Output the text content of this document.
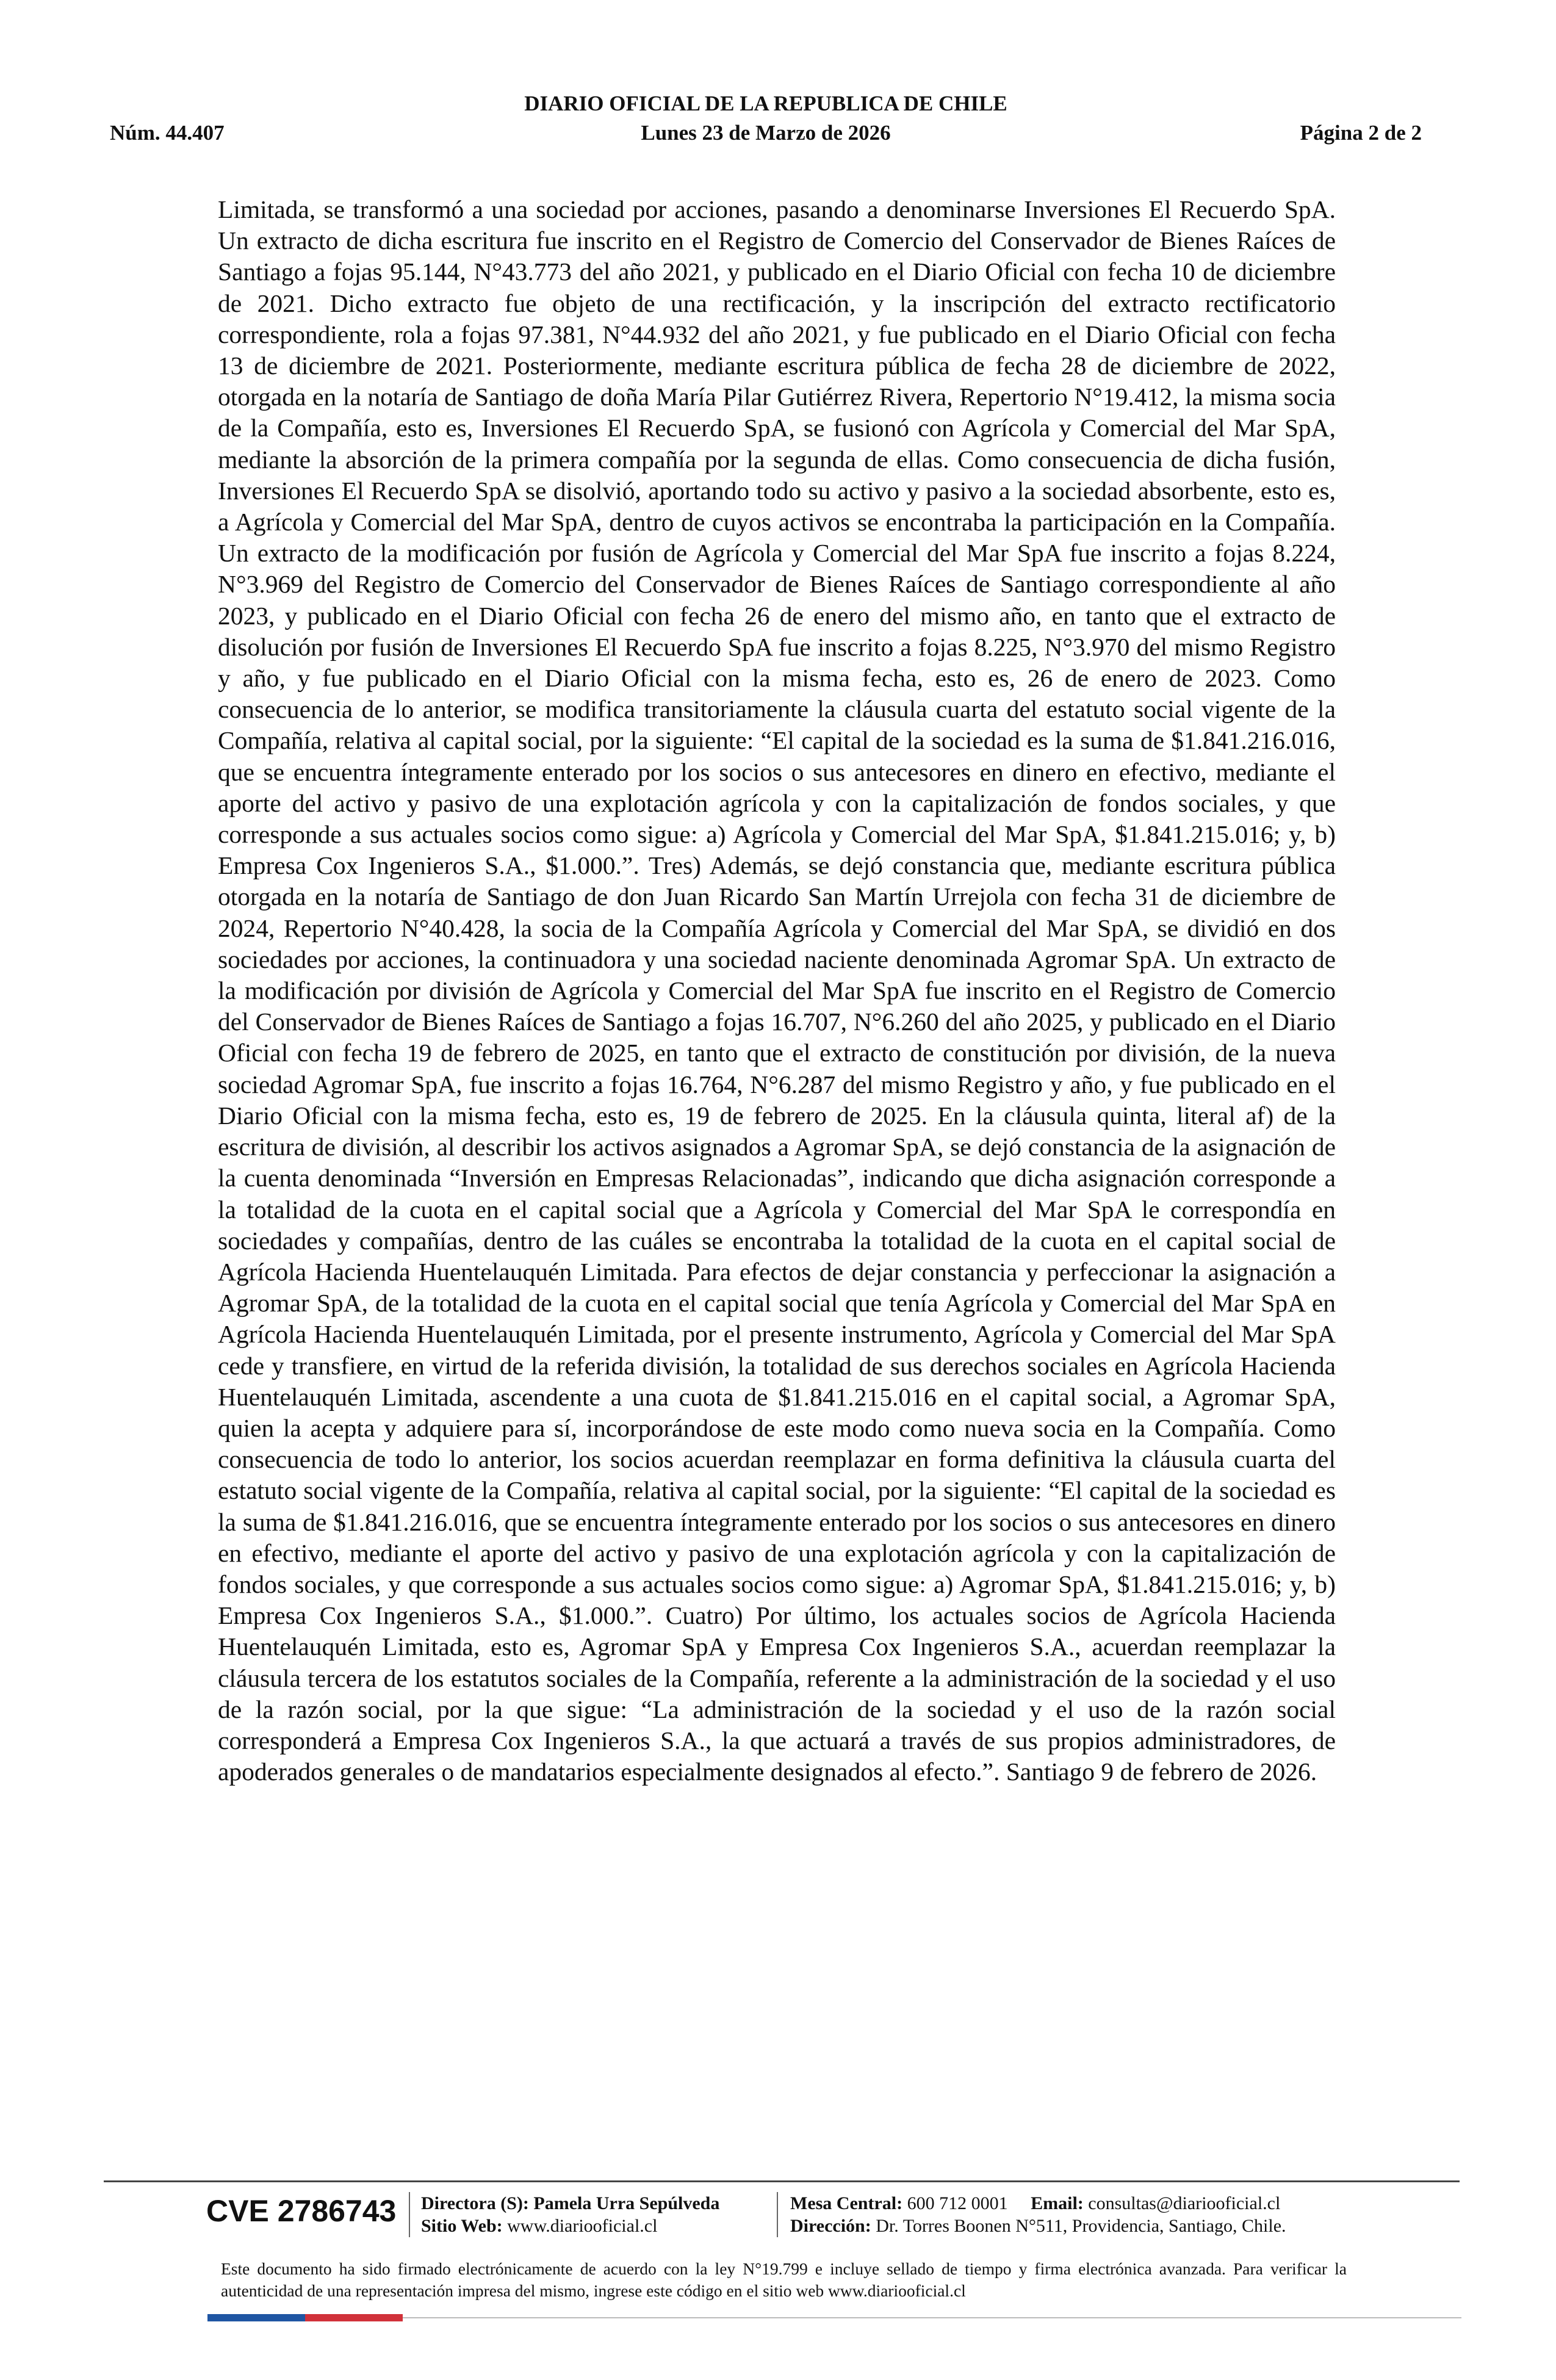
DIARIO OFICIAL DE LA REPUBLICA DE CHILE
Núm. 44.407	Lunes 23 de Marzo de 2026	Página 2 de 2

Limitada, se transformó a una sociedad por acciones, pasando a denominarse Inversiones El Recuerdo SpA. Un extracto de dicha escritura fue inscrito en el Registro de Comercio del Conservador de Bienes Raíces de Santiago a fojas 95.144, N°43.773 del año 2021, y publicado en el Diario Oficial con fecha 10 de diciembre de 2021. Dicho extracto fue objeto de una rectificación, y la inscripción del extracto rectificatorio correspondiente, rola a fojas 97.381, N°44.932 del año 2021, y fue publicado en el Diario Oficial con fecha 13 de diciembre de 2021. Posteriormente, mediante escritura pública de fecha 28 de diciembre de 2022, otorgada en la notaría de Santiago de doña María Pilar Gutiérrez Rivera, Repertorio N°19.412, la misma socia de la Compañía, esto es, Inversiones El Recuerdo SpA, se fusionó con Agrícola y Comercial del Mar SpA, mediante la absorción de la primera compañía por la segunda de ellas. Como consecuencia de dicha fusión, Inversiones El Recuerdo SpA se disolvió, aportando todo su activo y pasivo a la sociedad absorbente, esto es, a Agrícola y Comercial del Mar SpA, dentro de cuyos activos se encontraba la participación en la Compañía. Un extracto de la modificación por fusión de Agrícola y Comercial del Mar SpA fue inscrito a fojas 8.224, N°3.969 del Registro de Comercio del Conservador de Bienes Raíces de Santiago correspondiente al año 2023, y publicado en el Diario Oficial con fecha 26 de enero del mismo año, en tanto que el extracto de disolución por fusión de Inversiones El Recuerdo SpA fue inscrito a fojas 8.225, N°3.970 del mismo Registro y año, y fue publicado en el Diario Oficial con la misma fecha, esto es, 26 de enero de 2023. Como consecuencia de lo anterior, se modifica transitoriamente la cláusula cuarta del estatuto social vigente de la Compañía, relativa al capital social, por la siguiente: “El capital de la sociedad es la suma de $1.841.216.016, que se encuentra íntegramente enterado por los socios o sus antecesores en dinero en efectivo, mediante el aporte del activo y pasivo de una explotación agrícola y con la capitalización de fondos sociales, y que corresponde a sus actuales socios como sigue: a) Agrícola y Comercial del Mar SpA, $1.841.215.016; y, b) Empresa Cox Ingenieros S.A., $1.000.”. Tres) Además, se dejó constancia que, mediante escritura pública otorgada en la notaría de Santiago de don Juan Ricardo San Martín Urrejola con fecha 31 de diciembre de 2024, Repertorio N°40.428, la socia de la Compañía Agrícola y Comercial del Mar SpA, se dividió en dos sociedades por acciones, la continuadora y una sociedad naciente denominada Agromar SpA. Un extracto de la modificación por división de Agrícola y Comercial del Mar SpA fue inscrito en el Registro de Comercio del Conservador de Bienes Raíces de Santiago a fojas 16.707, N°6.260 del año 2025, y publicado en el Diario Oficial con fecha 19 de febrero de 2025, en tanto que el extracto de constitución por división, de la nueva sociedad Agromar SpA, fue inscrito a fojas 16.764, N°6.287 del mismo Registro y año, y fue publicado en el Diario Oficial con la misma fecha, esto es, 19 de febrero de 2025. En la cláusula quinta, literal af) de la escritura de división, al describir los activos asignados a Agromar SpA, se dejó constancia de la asignación de la cuenta denominada “Inversión en Empresas Relacionadas”, indicando que dicha asignación corresponde a la totalidad de la cuota en el capital social que a Agrícola y Comercial del Mar SpA le correspondía en sociedades y compañías, dentro de las cuáles se encontraba la totalidad de la cuota en el capital social de Agrícola Hacienda Huentelauquén Limitada. Para efectos de dejar constancia y perfeccionar la asignación a Agromar SpA, de la totalidad de la cuota en el capital social que tenía Agrícola y Comercial del Mar SpA en Agrícola Hacienda Huentelauquén Limitada, por el presente instrumento, Agrícola y Comercial del Mar SpA cede y transfiere, en virtud de la referida división, la totalidad de sus derechos sociales en Agrícola Hacienda Huentelauquén Limitada, ascendente a una cuota de $1.841.215.016 en el capital social, a Agromar SpA, quien la acepta y adquiere para sí, incorporándose de este modo como nueva socia en la Compañía. Como consecuencia de todo lo anterior, los socios acuerdan reemplazar en forma definitiva la cláusula cuarta del estatuto social vigente de la Compañía, relativa al capital social, por la siguiente: “El capital de la sociedad es la suma de $1.841.216.016, que se encuentra íntegramente enterado por los socios o sus antecesores en dinero en efectivo, mediante el aporte del activo y pasivo de una explotación agrícola y con la capitalización de fondos sociales, y que corresponde a sus actuales socios como sigue: a) Agromar SpA, $1.841.215.016; y, b) Empresa Cox Ingenieros S.A., $1.000.”. Cuatro) Por último, los actuales socios de Agrícola Hacienda Huentelauquén Limitada, esto es, Agromar SpA y Empresa Cox Ingenieros S.A., acuerdan reemplazar la cláusula tercera de los estatutos sociales de la Compañía, referente a la administración de la sociedad y el uso de la razón social, por la que sigue: “La administración de la sociedad y el uso de la razón social corresponderá a Empresa Cox Ingenieros S.A., la que actuará a través de sus propios administradores, de apoderados generales o de mandatarios especialmente designados al efecto.”. Santiago 9 de febrero de 2026.

CVE 2786743 Directora (S): Pamela Urra Sepúlveda
Sitio Web: www.diariooficial.cl
Mesa Central: 600 712 0001 Email: consultas@diariooficial.cl
Dirección: Dr. Torres Boonen N°511, Providencia, Santiago, Chile.
Este documento ha sido firmado electrónicamente de acuerdo con la ley N°19.799 e incluye sellado de tiempo y firma electrónica avanzada. Para verificar la autenticidad de una representación impresa del mismo, ingrese este código en el sitio web www.diariooficial.cl
